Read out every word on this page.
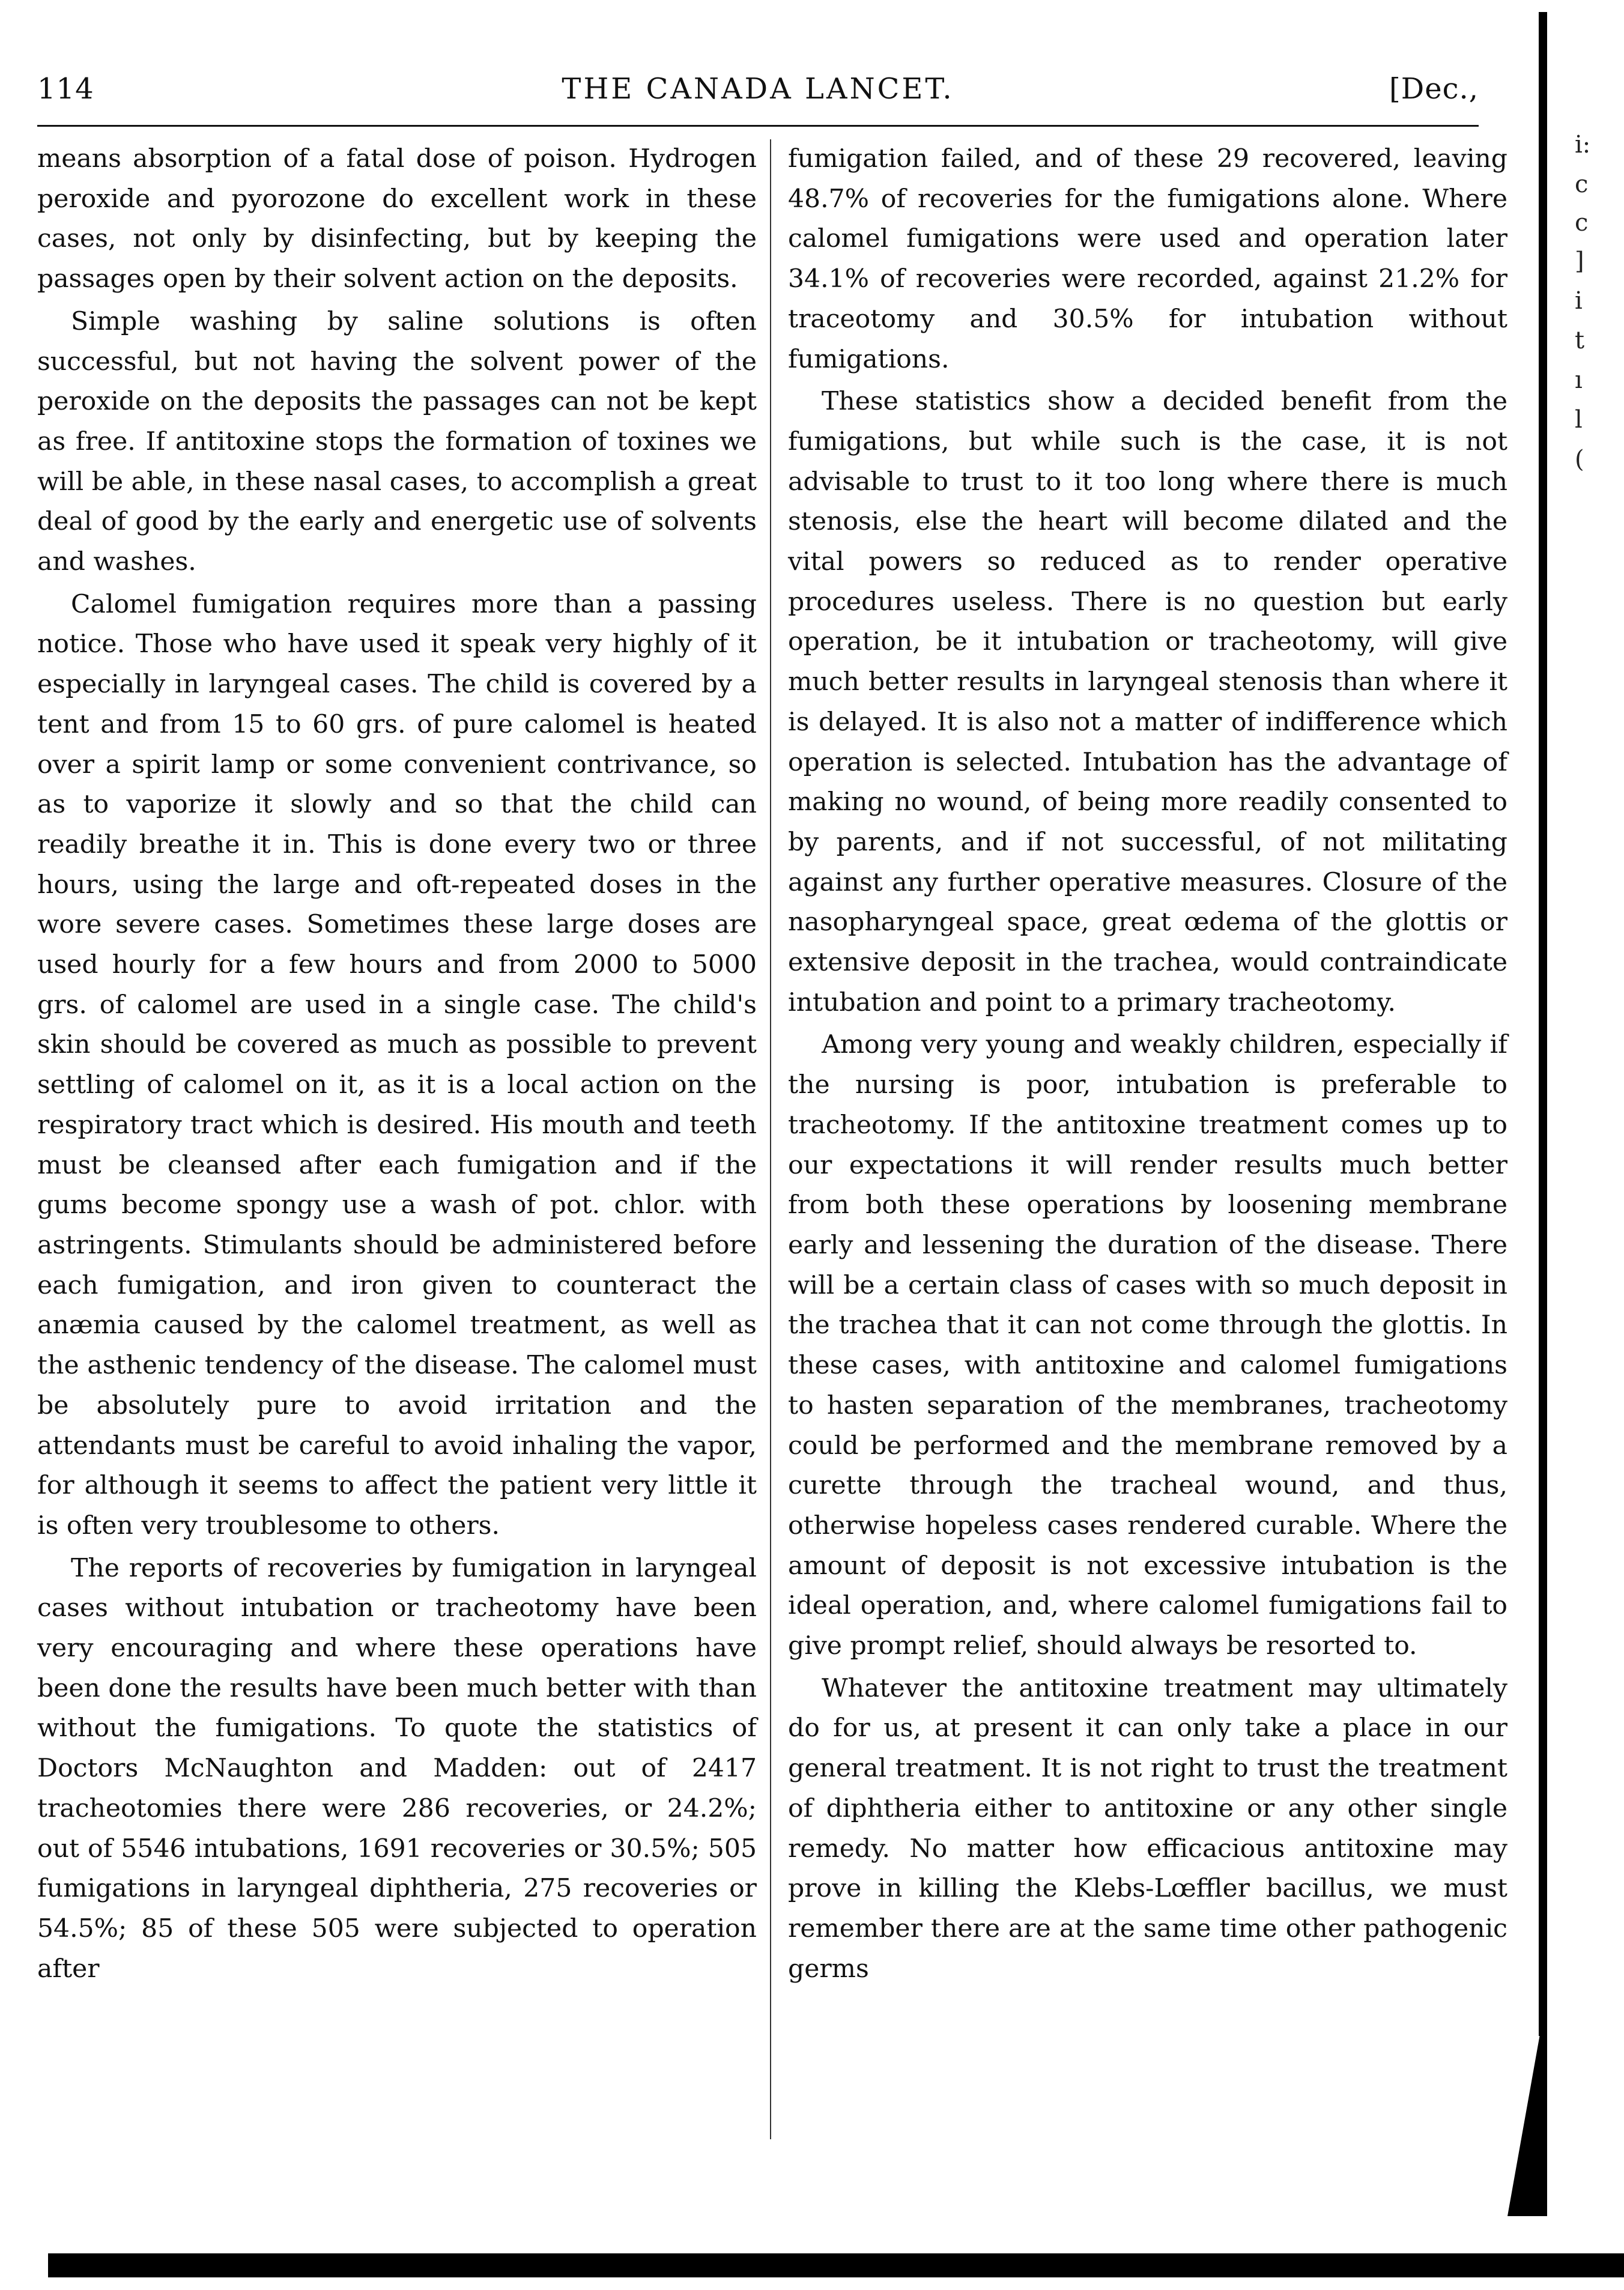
114	THE CANADA LANCET.	[Dec.,

means absorption of a fatal dose of poison. Hydrogen peroxide and pyorozone do excellent work in these cases, not only by disinfecting, but by keeping the passages open by their solvent action on the deposits.

Simple washing by saline solutions is often successful, but not having the solvent power of the peroxide on the deposits the passages can not be kept as free. If antitoxine stops the formation of toxines we will be able, in these nasal cases, to accomplish a great deal of good by the early and energetic use of solvents and washes.

Calomel fumigation requires more than a passing notice. Those who have used it speak very highly of it especially in laryngeal cases. The child is covered by a tent and from 15 to 60 grs. of pure calomel is heated over a spirit lamp or some convenient contrivance, so as to vaporize it slowly and so that the child can readily breathe it in. This is done every two or three hours, using the large and oft-repeated doses in the wore severe cases. Sometimes these large doses are used hourly for a few hours and from 2000 to 5000 grs. of calomel are used in a single case. The child's skin should be covered as much as possible to prevent settling of calomel on it, as it is a local action on the respiratory tract which is desired. His mouth and teeth must be cleansed after each fumigation and if the gums become spongy use a wash of pot. chlor. with astringents. Stimulants should be administered before each fumigation, and iron given to counteract the anæmia caused by the calomel treatment, as well as the asthenic tendency of the disease. The calomel must be absolutely pure to avoid irritation and the attendants must be careful to avoid inhaling the vapor, for although it seems to affect the patient very little it is often very troublesome to others.

The reports of recoveries by fumigation in laryngeal cases without intubation or tracheotomy have been very encouraging and where these operations have been done the results have been much better with than without the fumigations. To quote the statistics of Doctors McNaughton and Madden: out of 2417 tracheotomies there were 286 recoveries, or 24.2%; out of 5546 intubations, 1691 recoveries or 30.5%; 505 fumigations in laryngeal diphtheria, 275 recoveries or 54.5%; 85 of these 505 were subjected to operation after

fumigation failed, and of these 29 recovered, leaving 48.7% of recoveries for the fumigations alone. Where calomel fumigations were used and operation later 34.1% of recoveries were recorded, against 21.2% for traceotomy and 30.5% for intubation without fumigations.

These statistics show a decided benefit from the fumigations, but while such is the case, it is not advisable to trust to it too long where there is much stenosis, else the heart will become dilated and the vital powers so reduced as to render operative procedures useless. There is no question but early operation, be it intubation or tracheotomy, will give much better results in laryngeal stenosis than where it is delayed. It is also not a matter of indifference which operation is selected. Intubation has the advantage of making no wound, of being more readily consented to by parents, and if not successful, of not militating against any further operative measures. Closure of the nasopharyngeal space, great œdema of the glottis or extensive deposit in the trachea, would contraindicate intubation and point to a primary tracheotomy.

Among very young and weakly children, especially if the nursing is poor, intubation is preferable to tracheotomy. If the antitoxine treatment comes up to our expectations it will render results much better from both these operations by loosening membrane early and lessening the duration of the disease. There will be a certain class of cases with so much deposit in the trachea that it can not come through the glottis. In these cases, with antitoxine and calomel fumigations to hasten separation of the membranes, tracheotomy could be performed and the membrane removed by a curette through the tracheal wound, and thus, otherwise hopeless cases rendered curable. Where the amount of deposit is not excessive intubation is the ideal operation, and, where calomel fumigations fail to give prompt relief, should always be resorted to.

Whatever the antitoxine treatment may ultimately do for us, at present it can only take a place in our general treatment. It is not right to trust the treatment of diphtheria either to antitoxine or any other single remedy. No matter how efficacious antitoxine may prove in killing the Klebs-Lœffler bacillus, we must remember there are at the same time other pathogenic germs

i:
c
c
]
i
t
ı
l
(
